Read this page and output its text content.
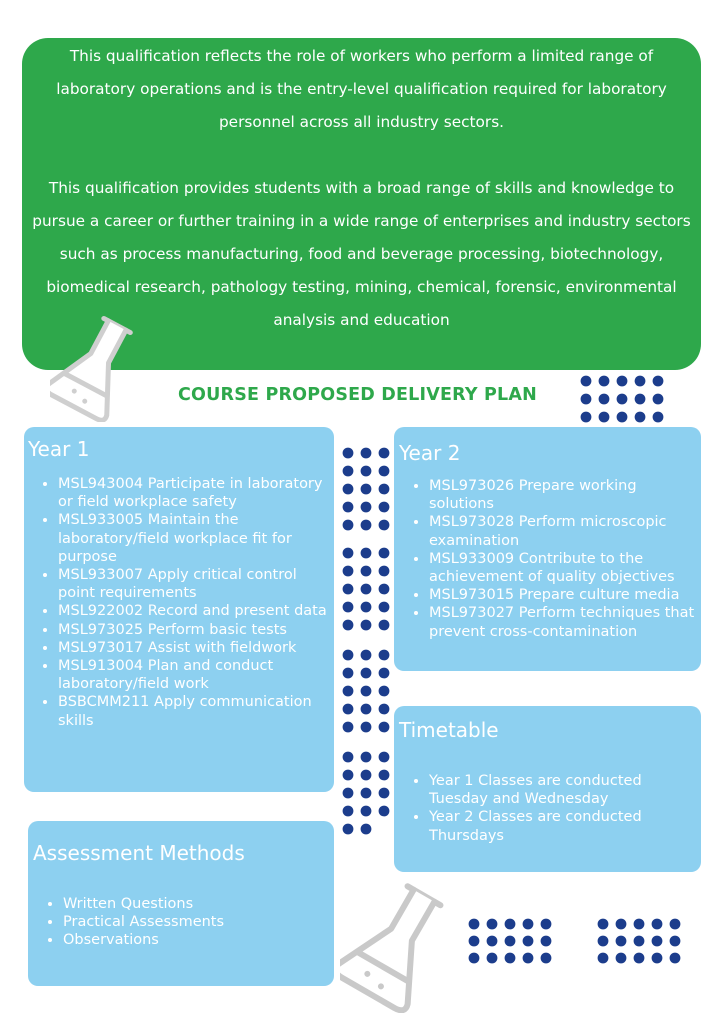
This qualification reflects the role of workers who perform a limited range of laboratory operations and is the entry-level qualification required for laboratory personnel across all industry sectors.

This qualification provides students with a broad range of skills and knowledge to pursue a career or further training in a wide range of enterprises and industry sectors such as process manufacturing, food and beverage processing, biotechnology, biomedical research, pathology testing, mining, chemical, forensic, environmental analysis and education

COURSE PROPOSED DELIVERY PLAN
Year 1
• MSL943004 Participate in laboratory or field workplace safety
• MSL933005 Maintain the laboratory/field workplace fit for purpose
• MSL933007 Apply critical control point requirements
• MSL922002 Record and present data
• MSL973025 Perform basic tests
• MSL973017 Assist with fieldwork
• MSL913004 Plan and conduct laboratory/field work
• BSBCMM211 Apply communication skills
Year 2
• MSL973026 Prepare working solutions
• MSL973028 Perform microscopic examination
• MSL933009 Contribute to the achievement of quality objectives
• MSL973015 Prepare culture media
• MSL973027 Perform techniques that prevent cross-contamination
Timetable
• Year 1 Classes are conducted Tuesday and Wednesday
• Year 2 Classes are conducted Thursdays
Assessment Methods
• Written Questions
• Practical Assessments
• Observations
